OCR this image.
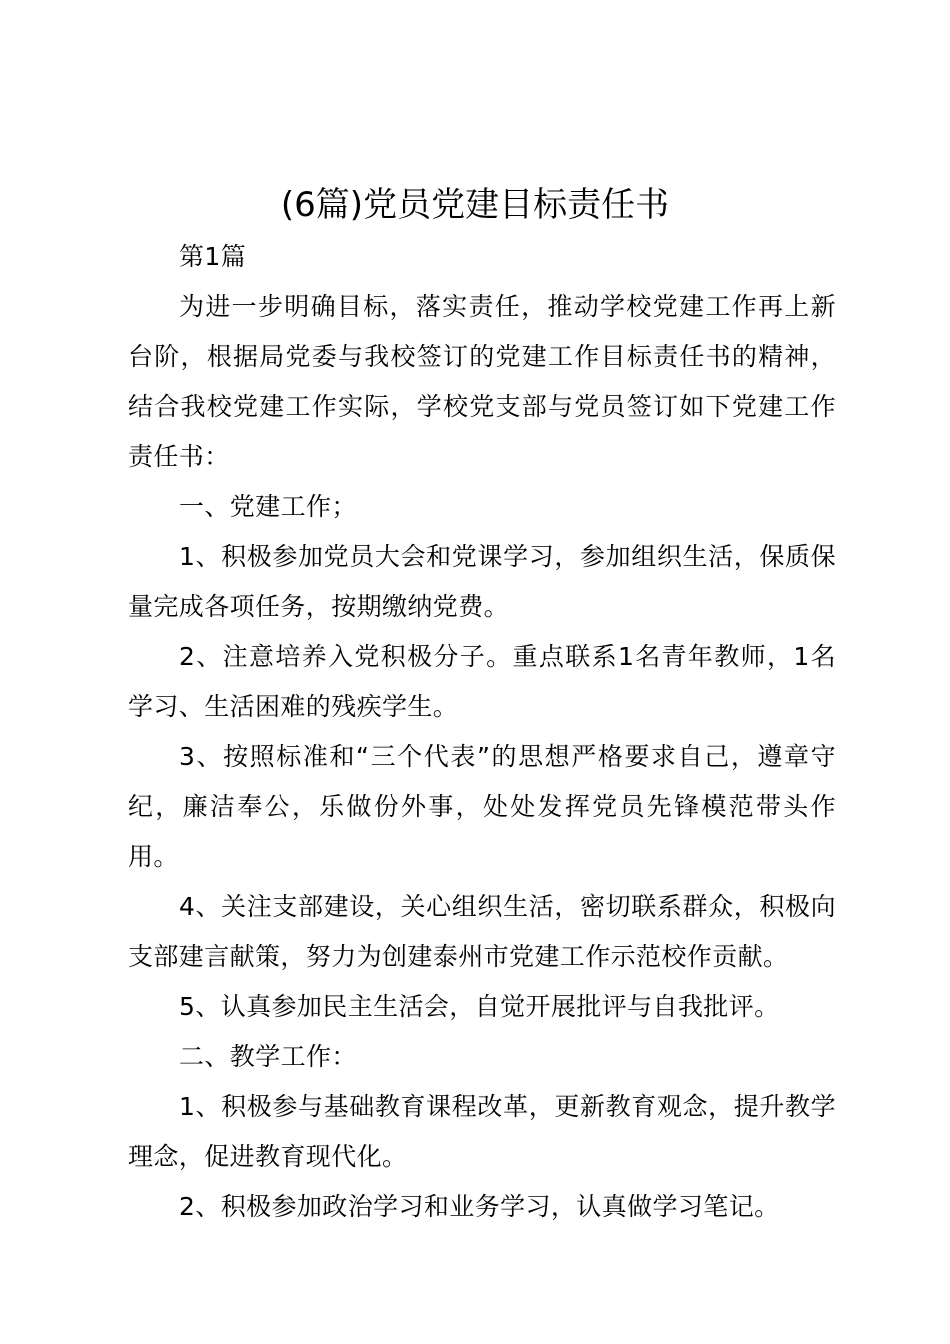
(6篇)党员党建目标责任书

第1篇

为进一步明确目标，落实责任，推动学校党建工作再上新台阶，根据局党委与我校签订的党建工作目标责任书的精神，结合我校党建工作实际，学校党支部与党员签订如下党建工作责任书：

一、党建工作；

1、积极参加党员大会和党课学习，参加组织生活，保质保量完成各项任务，按期缴纳党费。

2、注意培养入党积极分子。重点联系1名青年教师，1名学习、生活困难的残疾学生。

3、按照标准和“三个代表”的思想严格要求自己，遵章守纪，廉洁奉公，乐做份外事，处处发挥党员先锋模范带头作用。

4、关注支部建设，关心组织生活，密切联系群众，积极向支部建言献策，努力为创建泰州市党建工作示范校作贡献。

5、认真参加民主生活会，自觉开展批评与自我批评。

二、教学工作：

1、积极参与基础教育课程改革，更新教育观念，提升教学理念，促进教育现代化。

2、积极参加政治学习和业务学习，认真做学习笔记。
